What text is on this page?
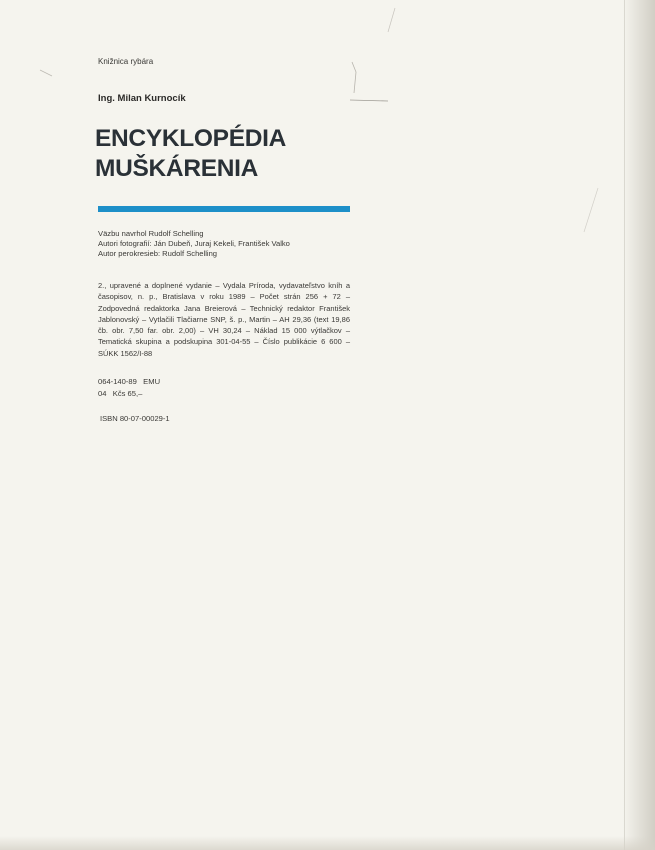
Knižnica rybára
Ing. Milan Kurnocík
ENCYKLOPÉDIA
MUŠKÁRENIA
Väzbu navrhol Rudolf Schelling
Autori fotografií: Ján Dubeň, Juraj Kekeli, František Valko
Autor perokresieb: Rudolf Schelling
2., upravené a doplnené vydanie – Vydala Príroda, vydavateľstvo kníh a časopisov, n. p., Bratislava v roku 1989 – Počet strán 256 + 72 – Zodpovedná redaktorka Jana Breierová – Technický redaktor František Jablonovský – Vytlačili Tlačiarne SNP, š. p., Martin – AH 29,36 (text 19,86 čb. obr. 7,50 far. obr. 2,00) – VH 30,24 – Náklad 15 000 výtlačkov – Tematická skupina a podskupina 301-04-55 – Číslo publikácie 6 600 – SÚKK 1562/I-88
064-140-89   EMU
04   Kčs 65,–
ISBN 80-07-00029-1
